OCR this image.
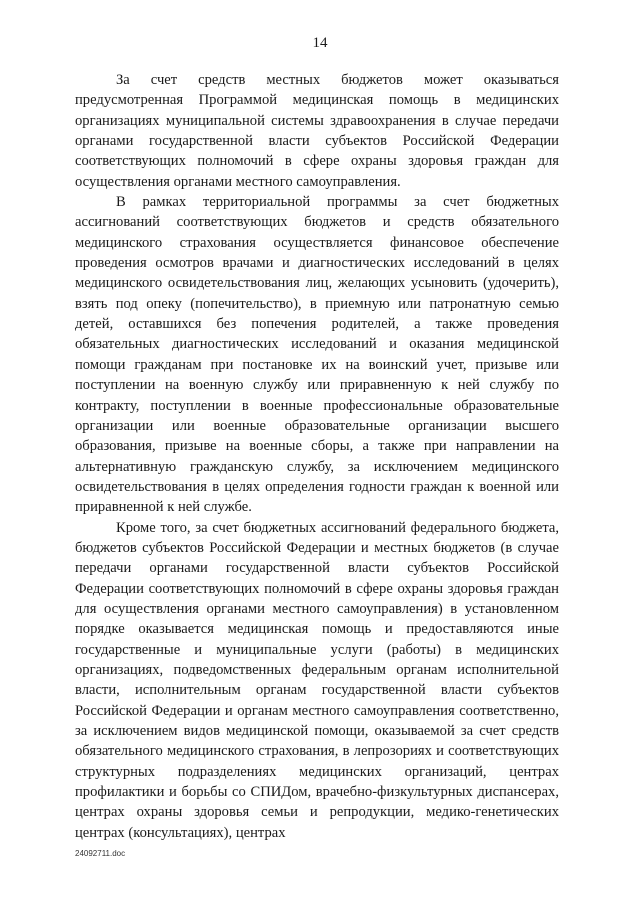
14

За счет средств местных бюджетов может оказываться предусмотренная Программой медицинская помощь в медицинских организациях муниципальной системы здравоохранения в случае передачи органами государственной власти субъектов Российской Федерации соответствующих полномочий в сфере охраны здоровья граждан для осуществления органами местного самоуправления.

В рамках территориальной программы за счет бюджетных ассигнований соответствующих бюджетов и средств обязательного медицинского страхования осуществляется финансовое обеспечение проведения осмотров врачами и диагностических исследований в целях медицинского освидетельствования лиц, желающих усыновить (удочерить), взять под опеку (попечительство), в приемную или патронатную семью детей, оставшихся без попечения родителей, а также проведения обязательных диагностических исследований и оказания медицинской помощи гражданам при постановке их на воинский учет, призыве или поступлении на военную службу или приравненную к ней службу по контракту, поступлении в военные профессиональные образовательные организации или военные образовательные организации высшего образования, призыве на военные сборы, а также при направлении на альтернативную гражданскую службу, за исключением медицинского освидетельствования в целях определения годности граждан к военной или приравненной к ней службе.

Кроме того, за счет бюджетных ассигнований федерального бюджета, бюджетов субъектов Российской Федерации и местных бюджетов (в случае передачи органами государственной власти субъектов Российской Федерации соответствующих полномочий в сфере охраны здоровья граждан для осуществления органами местного самоуправления) в установленном порядке оказывается медицинская помощь и предоставляются иные государственные и муниципальные услуги (работы) в медицинских организациях, подведомственных федеральным органам исполнительной власти, исполнительным органам государственной власти субъектов Российской Федерации и органам местного самоуправления соответственно, за исключением видов медицинской помощи, оказываемой за счет средств обязательного медицинского страхования, в лепрозориях и соответствующих структурных подразделениях медицинских организаций, центрах профилактики и борьбы со СПИДом, врачебно-физкультурных диспансерах, центрах охраны здоровья семьи и репродукции, медико-генетических центрах (консультациях), центрах

24092711.doc
